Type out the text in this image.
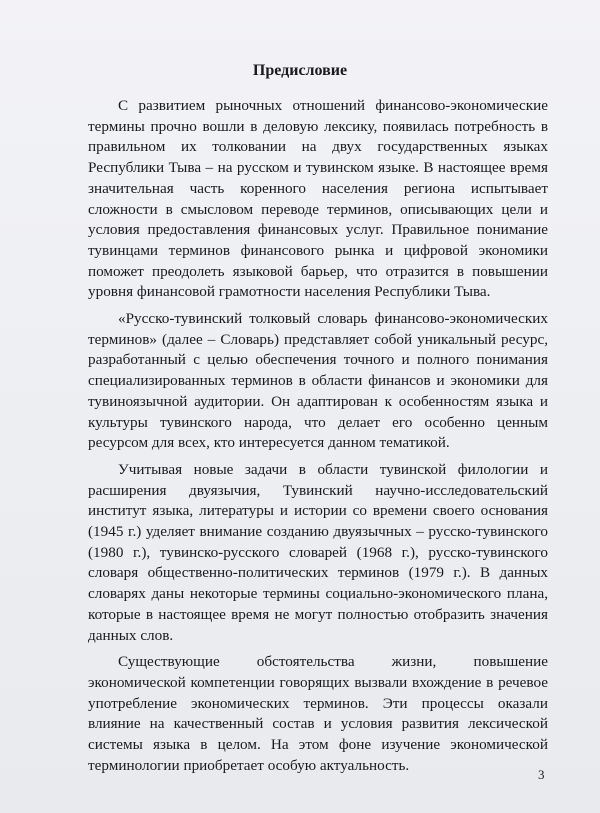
Предисловие

С развитием рыночных отношений финансово-экономические термины прочно вошли в деловую лексику, появилась потребность в правильном их толковании на двух государственных языках Республики Тыва – на русском и тувинском языке. В настоящее время значительная часть коренного населения региона испытывает сложности в смысловом переводе терминов, описывающих цели и условия предоставления финансовых услуг. Правильное понимание тувинцами терминов финансового рынка и цифровой экономики поможет преодолеть языковой барьер, что отразится в повышении уровня финансовой грамотности населения Республики Тыва.

«Русско-тувинский толковый словарь финансово-экономических терминов» (далее – Словарь) представляет собой уникальный ресурс, разработанный с целью обеспечения точного и полного понимания специализированных терминов в области финансов и экономики для тувиноязычной аудитории. Он адаптирован к особенностям языка и культуры тувинского народа, что делает его особенно ценным ресурсом для всех, кто интересуется данном тематикой.

Учитывая новые задачи в области тувинской филологии и расширения двуязычия, Тувинский научно-исследовательский институт языка, литературы и истории со времени своего основания (1945 г.) уделяет внимание созданию двуязычных – русско-тувинского (1980 г.), тувинско-русского словарей (1968 г.), русско-тувинского словаря общественно-политических терминов (1979 г.). В данных словарях даны некоторые термины социально-экономического плана, которые в настоящее время не могут полностью отобразить значения данных слов.

Существующие обстоятельства жизни, повышение экономической компетенции говорящих вызвали вхождение в речевое употребление экономических терминов. Эти процессы оказали влияние на качественный состав и условия развития лексической системы языка в целом. На этом фоне изучение экономической терминологии приобретает особую актуальность.

3
